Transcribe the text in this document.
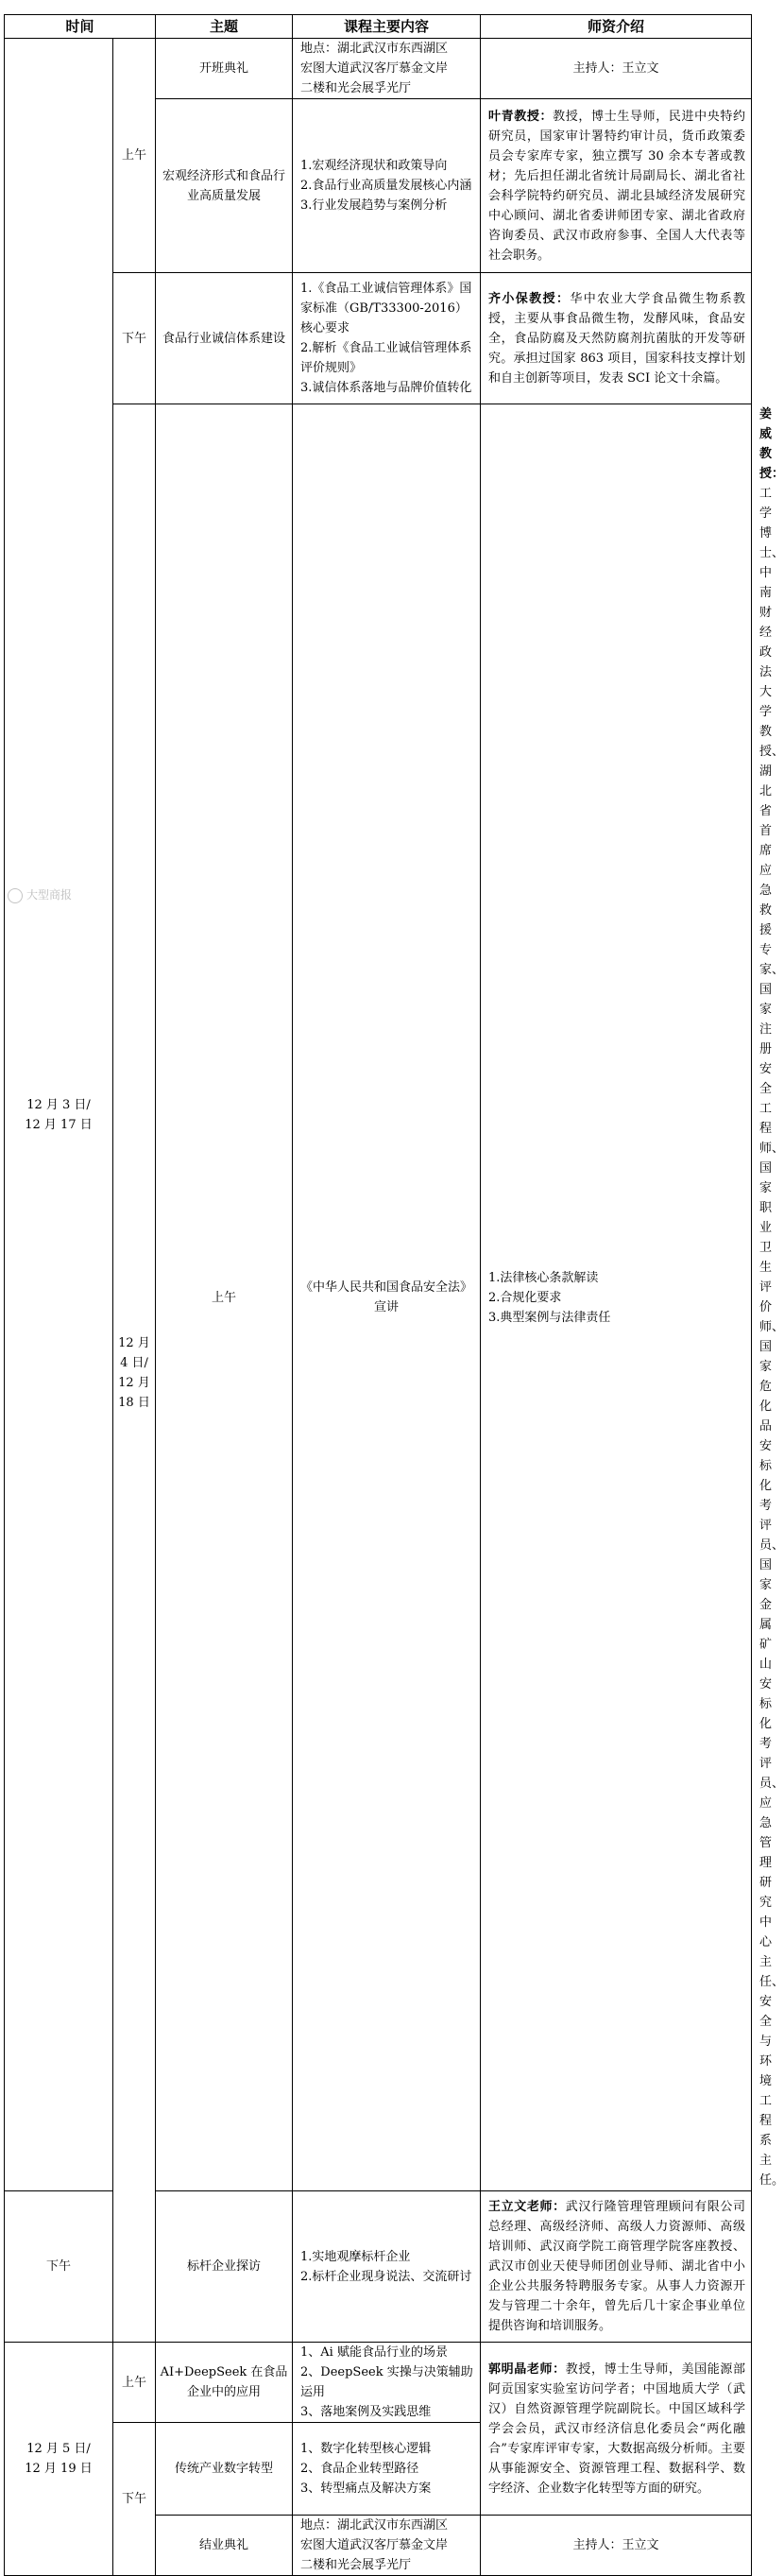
时间		主题	课程主要内容	师资介绍	

12 月 3 日/
12 月 17 日	上午	开班典礼	地点：湖北武汉市东西湖区
宏图大道武汉客厅慕金文岸
二楼和光会展孚光厅	主持人：王立文	
		宏观经济形式和食品行业高质量发展	1.宏观经济现状和政策导向
2.食品行业高质量发展核心内涵
3.行业发展趋势与案例分析	叶青教授：教授，博士生导师，民进中央特约研究员，国家审计署特约审计员，货币政策委员会专家库专家，独立撰写 30 余本专著或教材；先后担任湖北省统计局副局长、湖北省社会科学院特约研究员、湖北县域经济发展研究中心顾问、湖北省委讲师团专家、湖北省政府咨询委员、武汉市政府参事、全国人大代表等社会职务。	
	下午	食品行业诚信体系建设	1.《食品工业诚信管理体系》国家标准（GB/T33300-2016）核心要求
2.解析《食品工业诚信管理体系评价规则》
3.诚信体系落地与品牌价值转化	齐小保教授：华中农业大学食品微生物系教授，主要从事食品微生物，发酵风味，食品安全，食品防腐及天然防腐剂抗菌肽的开发等研究。承担过国家 863 项目，国家科技支撑计划和自主创新等项目，发表 SCI 论文十余篇。	

	12 月 4 日/
12 月 18 日	上午	《中华人民共和国食品安全法》宣讲	1.法律核心条款解读
2.合规化要求
3.典型案例与法律责任	姜威教授：工学博士、中南财经政法大学教授、湖北省首席应急救援专家、国家注册安全工程师、国家职业卫生评价师、国家危化品安标化考评员、国家金属矿山安标化考评员、应急管理研究中心主任、安全与环境工程系主任。
下午		标杆企业探访	1.实地观摩标杆企业
2.标杆企业现身说法、交流研讨	王立文老师：武汉行隆管理管理顾问有限公司总经理、高级经济师、高级人力资源师、高级培训师、武汉商学院工商管理学院客座教授、武汉市创业天使导师团创业导师、湖北省中小企业公共服务特聘服务专家。从事人力资源开发与管理二十余年，曾先后几十家企事业单位提供咨询和培训服务。	

12 月 5 日/
12 月 19 日	上午	AI+DeepSeek 在食品企业中的应用	1、Ai 赋能食品行业的场景
2、DeepSeek 实操与决策辅助运用
3、落地案例及实践思维	郭明晶老师：教授，博士生导师，美国能源部阿贡国家实验室访问学者；中国地质大学（武汉）自然资源管理学院副院长。中国区域科学学会会员，武汉市经济信息化委员会“两化融合”专家库评审专家，大数据高级分析师。主要从事能源安全、资源管理工程、数据科学、数字经济、企业数字化转型等方面的研究。	
	下午	传统产业数字转型	1、数字化转型核心逻辑
2、食品企业转型路径
3、转型痛点及解决方案		

		结业典礼	地点：湖北武汉市东西湖区
宏图大道武汉客厅慕金文岸
二楼和光会展孚光厅	主持人：王立文	
大型商报
